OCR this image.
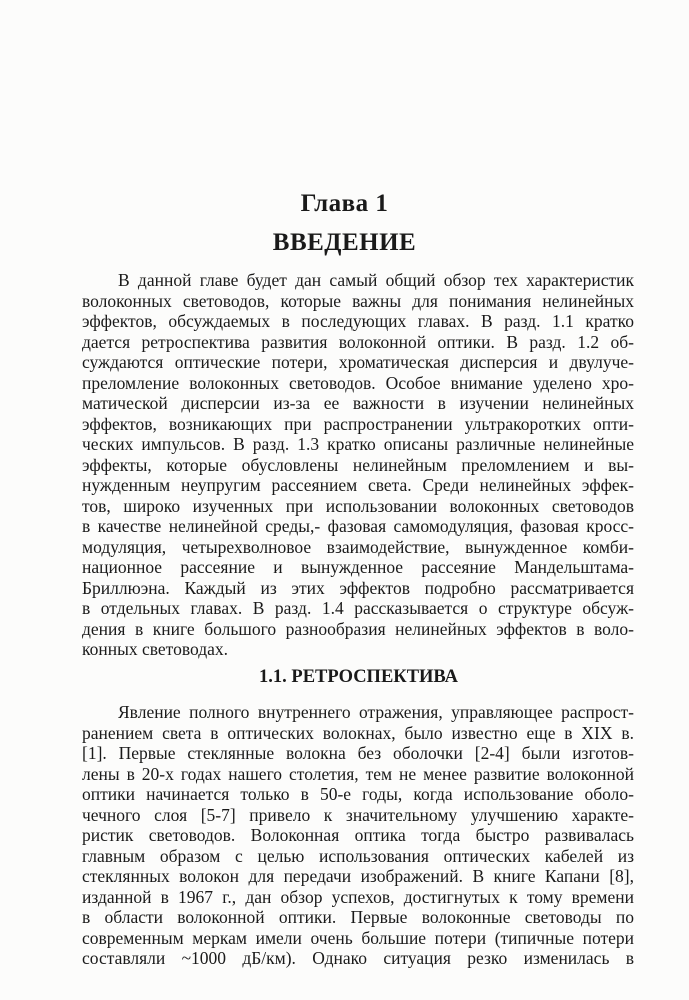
Глава 1
ВВЕДЕНИЕ
В данной главе будет дан самый общий обзор тех характеристик
волоконных световодов, которые важны для понимания нелинейных
эффектов, обсуждаемых в последующих главах. В разд. 1.1 кратко
дается ретроспектива развития волоконной оптики. В разд. 1.2 об-
суждаются оптические потери, хроматическая дисперсия и двулуче-
преломление волоконных световодов. Особое внимание уделено хро-
матической дисперсии из-за ее важности в изучении нелинейных
эффектов, возникающих при распространении ультракоротких опти-
ческих импульсов. В разд. 1.3 кратко описаны различные нелинейные
эффекты, которые обусловлены нелинейным преломлением и вы-
нужденным неупругим рассеянием света. Среди нелинейных эффек-
тов, широко изученных при использовании волоконных световодов
в качестве нелинейной среды,- фазовая самомодуляция, фазовая кросс-
модуляция, четырехволновое взаимодействие, вынужденное комби-
национное рассеяние и вынужденное рассеяние Мандельштама-
Бриллюэна. Каждый из этих эффектов подробно рассматривается
в отдельных главах. В разд. 1.4 рассказывается о структуре обсуж-
дения в книге большого разнообразия нелинейных эффектов в воло-
конных световодах.
1.1. РЕТРОСПЕКТИВА
Явление полного внутреннего отражения, управляющее распрост-
ранением света в оптических волокнах, было известно еще в XIX в.
[1]. Первые стеклянные волокна без оболочки [2-4] были изготов-
лены в 20-х годах нашего столетия, тем не менее развитие волоконной
оптики начинается только в 50-е годы, когда использование оболо-
чечного слоя [5-7] привело к значительному улучшению характе-
ристик световодов. Волоконная оптика тогда быстро развивалась
главным образом с целью использования оптических кабелей из
стеклянных волокон для передачи изображений. В книге Капани [8],
изданной в 1967 г., дан обзор успехов, достигнутых к тому времени
в области волоконной оптики. Первые волоконные световоды по
современным меркам имели очень большие потери (типичные потери
составляли ~1000 дБ/км). Однако ситуация резко изменилась в
